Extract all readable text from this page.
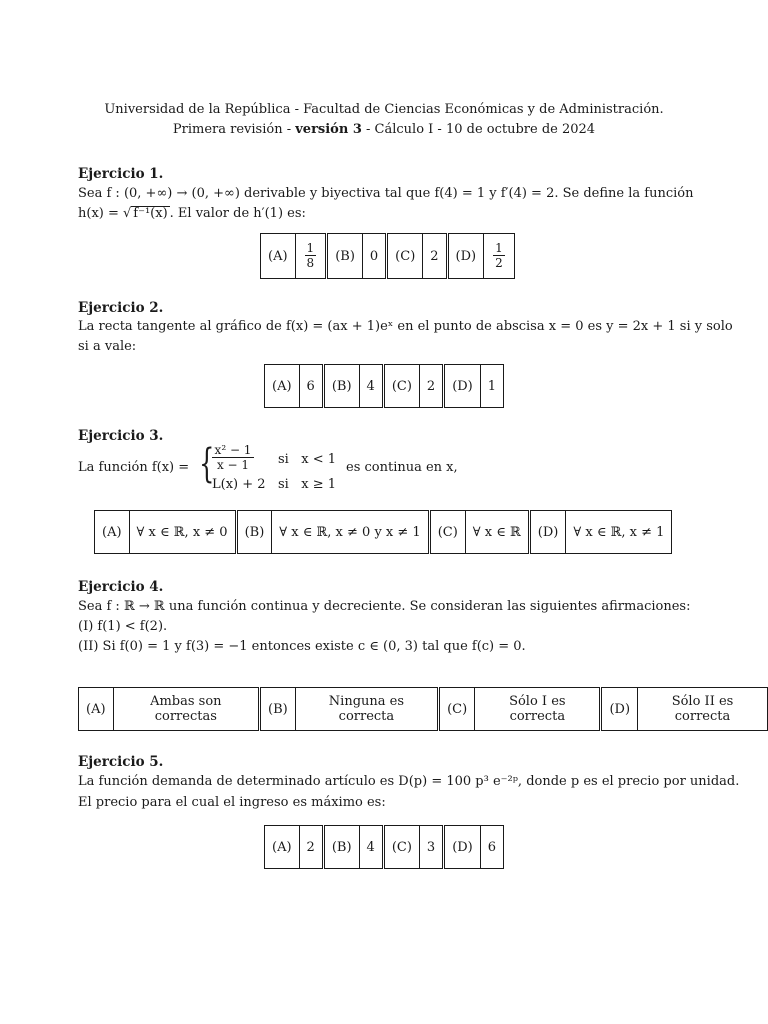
Universidad de la República - Facultad de Ciencias Económicas y de Administración.
Primera revisión - versión 3 - Cálculo I - 10 de octubre de 2024
Ejercicio 1.
Sea f : (0, +∞) → (0, +∞) derivable y biyectiva tal que f(4) = 1 y f′(4) = 2. Se define la función
h(x) = √ f⁻¹(x) . El valor de h′(1) es:
(A)	$\frac{1}{8}$	(B)	0	(C)	2	(D)	$\frac{1}{2}$
Ejercicio 2.
La recta tangente al gráfico de f(x) = (ax + 1)eˣ en el punto de abscisa x = 0 es y = 2x + 1 si y solo
si a vale:
(A)	6	(B)	4	(C)	2	(D)	1
Ejercicio 3.
La función f(x) = {
$\frac{\text{x² − 1}}{x - 1}$ si   x < 1
L(x) + 2 si   x ≥ 1
es continua en x,
(A)	∀ x ∈ ℝ, x ≠ 0	(B)	∀ x ∈ ℝ, x ≠ 0 y x ≠ 1	(C)	∀ x ∈ ℝ	(D)	∀ x ∈ ℝ, x ≠ 1
Ejercicio 4.
Sea f : ℝ → ℝ una función continua y decreciente. Se consideran las siguientes afirmaciones:
(I) f(1) < f(2).
(II) Si f(0) = 1 y f(3) = −1 entonces existe c ∈ (0, 3) tal que f(c) = 0.
(A)	Ambas son correctas	(B)	Ninguna es correcta	(C)	Sólo I es correcta	(D)	Sólo II es correcta
Ejercicio 5.
La función demanda de determinado artículo es D(p) = 100 p³ e⁻²ᵖ, donde p es el precio por unidad.
El precio para el cual el ingreso es máximo es:
(A)	2	(B)	4	(C)	3	(D)	6
